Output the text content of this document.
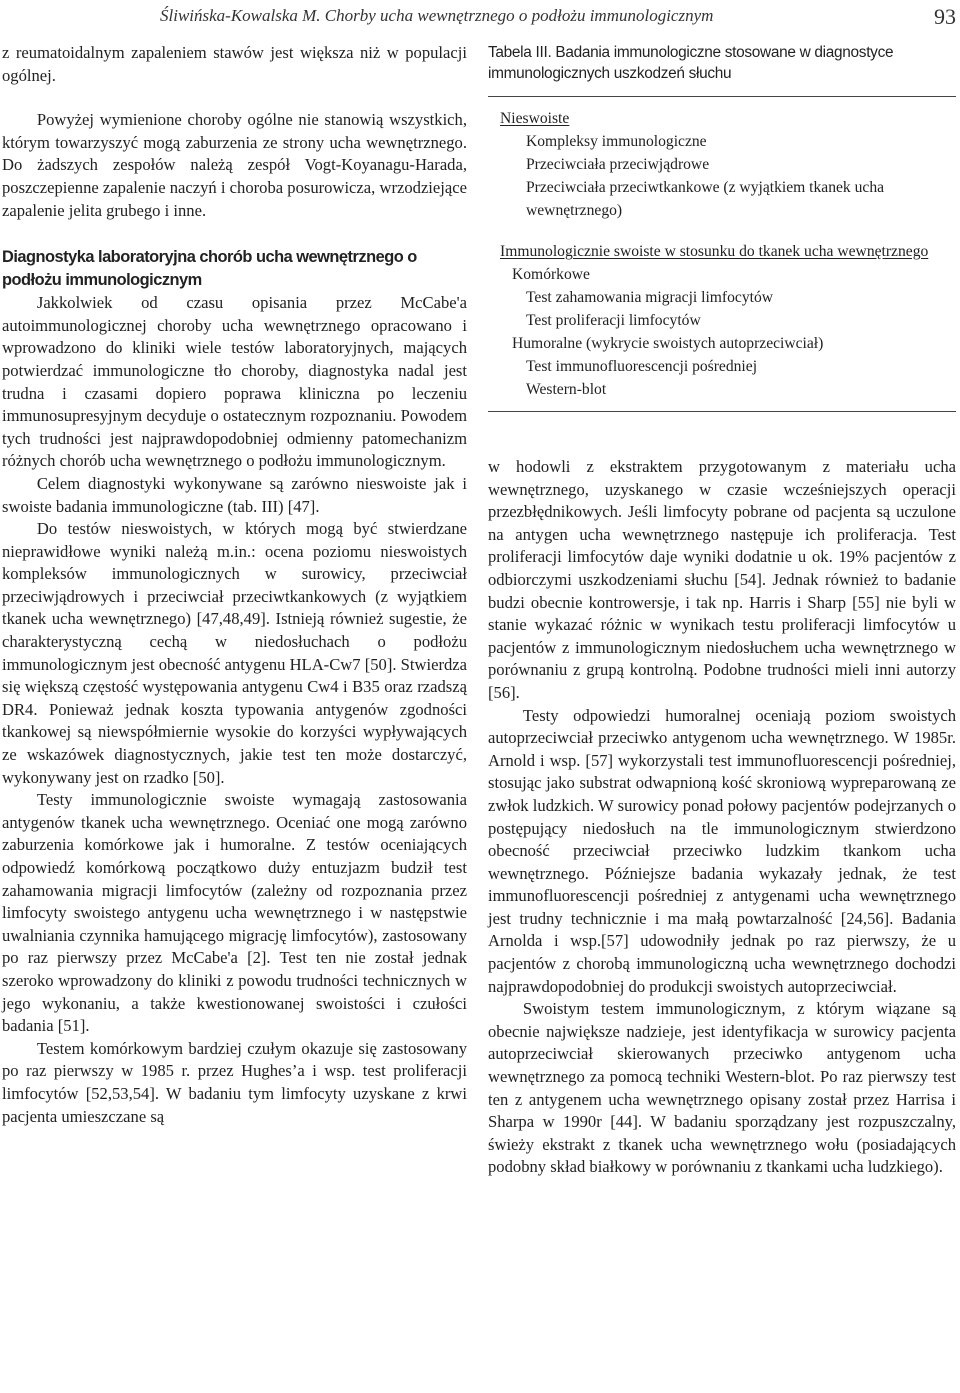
Śliwińska-Kowalska M. Chorby ucha wewnętrznego o podłożu immunologicznym	93

z reumatoidalnym zapaleniem stawów jest większa niż w populacji ogólnej.

Powyżej wymienione choroby ogólne nie stanowią wszystkich, którym towarzyszyć mogą zaburzenia ze strony ucha wewnętrznego. Do żadszych zespołów należą zespół Vogt-Koyanagu-Harada, poszczepienne zapalenie naczyń i choroba posurowicza, wrzodziejące zapalenie jelita grubego i inne.

Diagnostyka laboratoryjna chorób ucha wewnętrznego o podłożu immunologicznym

Jakkolwiek od czasu opisania przez McCabe'a autoimmunologicznej choroby ucha wewnętrznego opracowano i wprowadzono do kliniki wiele testów laboratoryjnych, mających potwierdzać immunologiczne tło choroby, diagnostyka nadal jest trudna i czasami dopiero poprawa kliniczna po leczeniu immunosupresyjnym decyduje o ostatecznym rozpoznaniu. Powodem tych trudności jest najprawdopodobniej odmienny patomechanizm różnych chorób ucha wewnętrznego o podłożu immunologicznym.

Celem diagnostyki wykonywane są zarówno nieswoiste jak i swoiste badania immunologiczne (tab. III) [47].

Do testów nieswoistych, w których mogą być stwierdzane nieprawidłowe wyniki należą m.in.: ocena poziomu nieswoistych kompleksów immunologicznych w surowicy, przeciwciał przeciwjądrowych i przeciwciał przeciwtkankowych (z wyjątkiem tkanek ucha wewnętrznego) [47,48,49]. Istnieją również sugestie, że charakterystyczną cechą w niedosłuchach o podłożu immunologicznym jest obecność antygenu HLA-Cw7 [50]. Stwierdza się większą częstość występowania antygenu Cw4 i B35 oraz rzadszą DR4. Ponieważ jednak koszta typowania antygenów zgodności tkankowej są niewspółmiernie wysokie do korzyści wypływających ze wskazówek diagnostycznych, jakie test ten może dostarczyć, wykonywany jest on rzadko [50].

Testy immunologicznie swoiste wymagają zastosowania antygenów tkanek ucha wewnętrznego. Oceniać one mogą zarówno zaburzenia komórkowe jak i humoralne. Z testów oceniających odpowiedź komórkową początkowo duży entuzjazm budził test zahamowania migracji limfocytów (zależny od rozpoznania przez limfocyty swoistego antygenu ucha wewnętrznego i w następstwie uwalniania czynnika hamującego migrację limfocytów), zastosowany po raz pierwszy przez McCabe'a [2]. Test ten nie został jednak szeroko wprowadzony do kliniki z powodu trudności technicznych w jego wykonaniu, a także kwestionowanej swoistości i czułości badania [51].

Testem komórkowym bardziej czułym okazuje się zastosowany po raz pierwszy w 1985 r. przez Hughes’a i wsp. test proliferacji limfocytów [52,53,54]. W badaniu tym limfocyty uzyskane z krwi pacjenta umieszczane są

Tabela III. Badania immunologiczne stosowane w diagnostyce immunologicznych uszkodzeń słuchu
Nieswoiste
Kompleksy immunologiczne
Przeciwciała przeciwjądrowe
Przeciwciała przeciwtkankowe (z wyjątkiem tkanek ucha wewnętrznego)
Immunologicznie swoiste w stosunku do tkanek ucha wewnętrznego
Komórkowe
Test zahamowania migracji limfocytów
Test proliferacji limfocytów
Humoralne (wykrycie swoistych autoprzeciwciał)
Test immunofluorescencji pośredniej
Western-blot

w hodowli z ekstraktem przygotowanym z materiału ucha wewnętrznego, uzyskanego w czasie wcześniejszych operacji przezbłędnikowych. Jeśli limfocyty pobrane od pacjenta są uczulone na antygen ucha wewnętrznego następuje ich proliferacja. Test proliferacji limfocytów daje wyniki dodatnie u ok. 19% pacjentów z odbiorczymi uszkodzeniami słuchu [54]. Jednak również to badanie budzi obecnie kontrowersje, i tak np. Harris i Sharp [55] nie byli w stanie wykazać różnic w wynikach testu proliferacji limfocytów u pacjentów z immunologicznym niedosłuchem ucha wewnętrznego w porównaniu z grupą kontrolną. Podobne trudności mieli inni autorzy [56].

Testy odpowiedzi humoralnej oceniają poziom swoistych autoprzeciwciał przeciwko antygenom ucha wewnętrznego. W 1985r. Arnold i wsp. [57] wykorzystali test immunofluorescencji pośredniej, stosując jako substrat odwapnioną kość skroniową wypreparowaną ze zwłok ludzkich. W surowicy ponad połowy pacjentów podejrzanych o postępujący niedosłuch na tle immunologicznym stwierdzono obecność przeciwciał przeciwko ludzkim tkankom ucha wewnętrznego. Późniejsze badania wykazały jednak, że test immunofluorescencji pośredniej z antygenami ucha wewnętrznego jest trudny technicznie i ma małą powtarzalność [24,56]. Badania Arnolda i wsp.[57] udowodniły jednak po raz pierwszy, że u pacjentów z chorobą immunologiczną ucha wewnętrznego dochodzi najprawdopodobniej do produkcji swoistych autoprzeciwciał.

Swoistym testem immunologicznym, z którym wiązane są obecnie największe nadzieje, jest identyfikacja w surowicy pacjenta autoprzeciwciał skierowanych przeciwko antygenom ucha wewnętrznego za pomocą techniki Western-blot. Po raz pierwszy test ten z antygenem ucha wewnętrznego opisany został przez Harrisa i Sharpa w 1990r [44]. W badaniu sporządzany jest rozpuszczalny, świeży ekstrakt z tkanek ucha wewnętrznego wołu (posiadających podobny skład białkowy w porównaniu z tkankami ucha ludzkiego).
